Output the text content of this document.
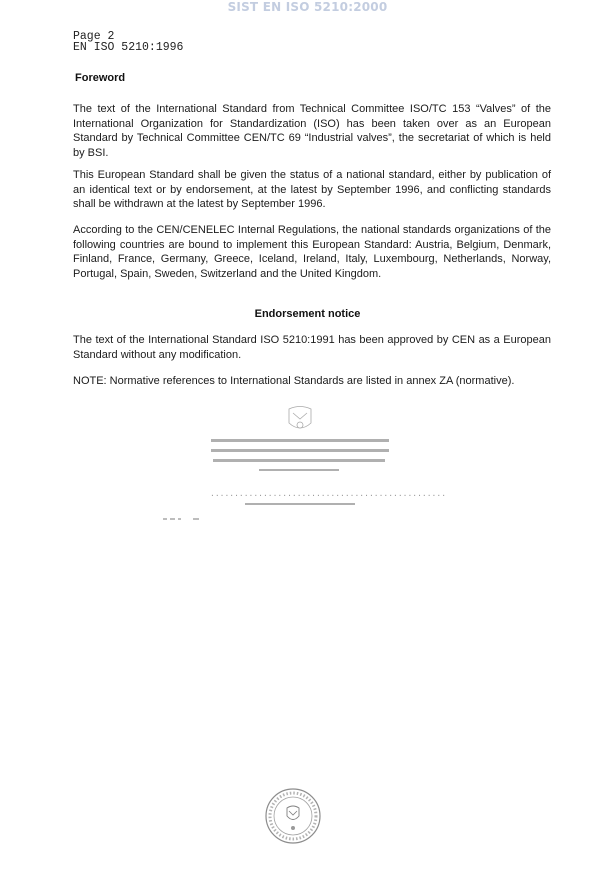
SIST EN ISO 5210:2000
Page 2
EN ISO 5210:1996
Foreword
The text of the International Standard from Technical Committee ISO/TC 153 “Valves” of the International Organization for Standardization (ISO) has been taken over as an European Standard by Technical Committee CEN/TC 69 “Industrial valves”, the secretariat of which is held by BSI.
This European Standard shall be given the status of a national standard, either by publication of an identical text or by endorsement, at the latest by September 1996, and conflicting standards shall be withdrawn at the latest by September 1996.
According to the CEN/CENELEC Internal Regulations, the national standards organizations of the following countries are bound to implement this European Standard: Austria, Belgium, Denmark, Finland, France, Germany, Greece, Iceland, Ireland, Italy, Luxembourg, Netherlands, Norway, Portugal, Spain, Sweden, Switzerland and the United Kingdom.
Endorsement notice
The text of the International Standard ISO 5210:1991 has been approved by CEN as a European Standard without any modification.
NOTE: Normative references to International Standards are listed in annex ZA (normative).
.................................................
